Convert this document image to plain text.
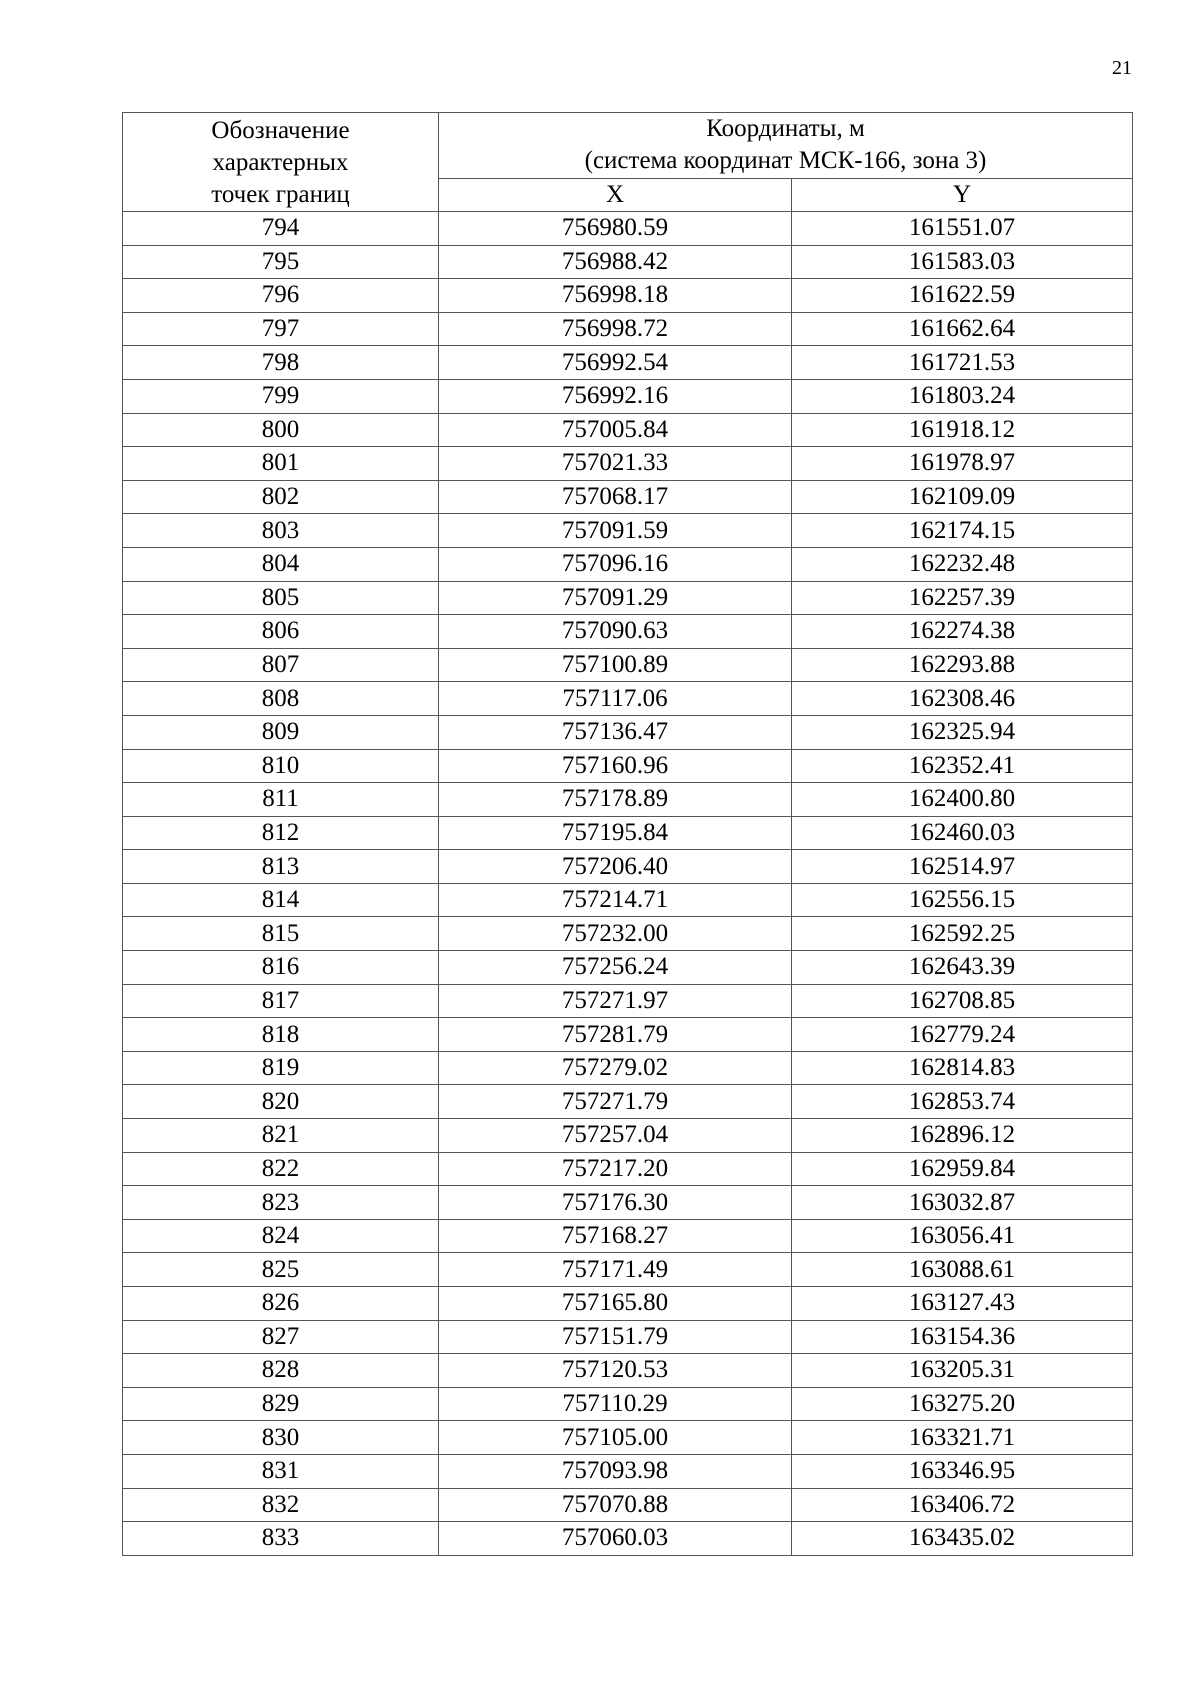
21
Обозначение
характерных
точек границ	Координаты, м
(система координат МСК-166, зона 3)	

	X	Y
794	756980.59	161551.07
795	756988.42	161583.03
796	756998.18	161622.59
797	756998.72	161662.64
798	756992.54	161721.53
799	756992.16	161803.24
800	757005.84	161918.12
801	757021.33	161978.97
802	757068.17	162109.09
803	757091.59	162174.15
804	757096.16	162232.48
805	757091.29	162257.39
806	757090.63	162274.38
807	757100.89	162293.88
808	757117.06	162308.46
809	757136.47	162325.94
810	757160.96	162352.41
811	757178.89	162400.80
812	757195.84	162460.03
813	757206.40	162514.97
814	757214.71	162556.15
815	757232.00	162592.25
816	757256.24	162643.39
817	757271.97	162708.85
818	757281.79	162779.24
819	757279.02	162814.83
820	757271.79	162853.74
821	757257.04	162896.12
822	757217.20	162959.84
823	757176.30	163032.87
824	757168.27	163056.41
825	757171.49	163088.61
826	757165.80	163127.43
827	757151.79	163154.36
828	757120.53	163205.31
829	757110.29	163275.20
830	757105.00	163321.71
831	757093.98	163346.95
832	757070.88	163406.72
833	757060.03	163435.02
